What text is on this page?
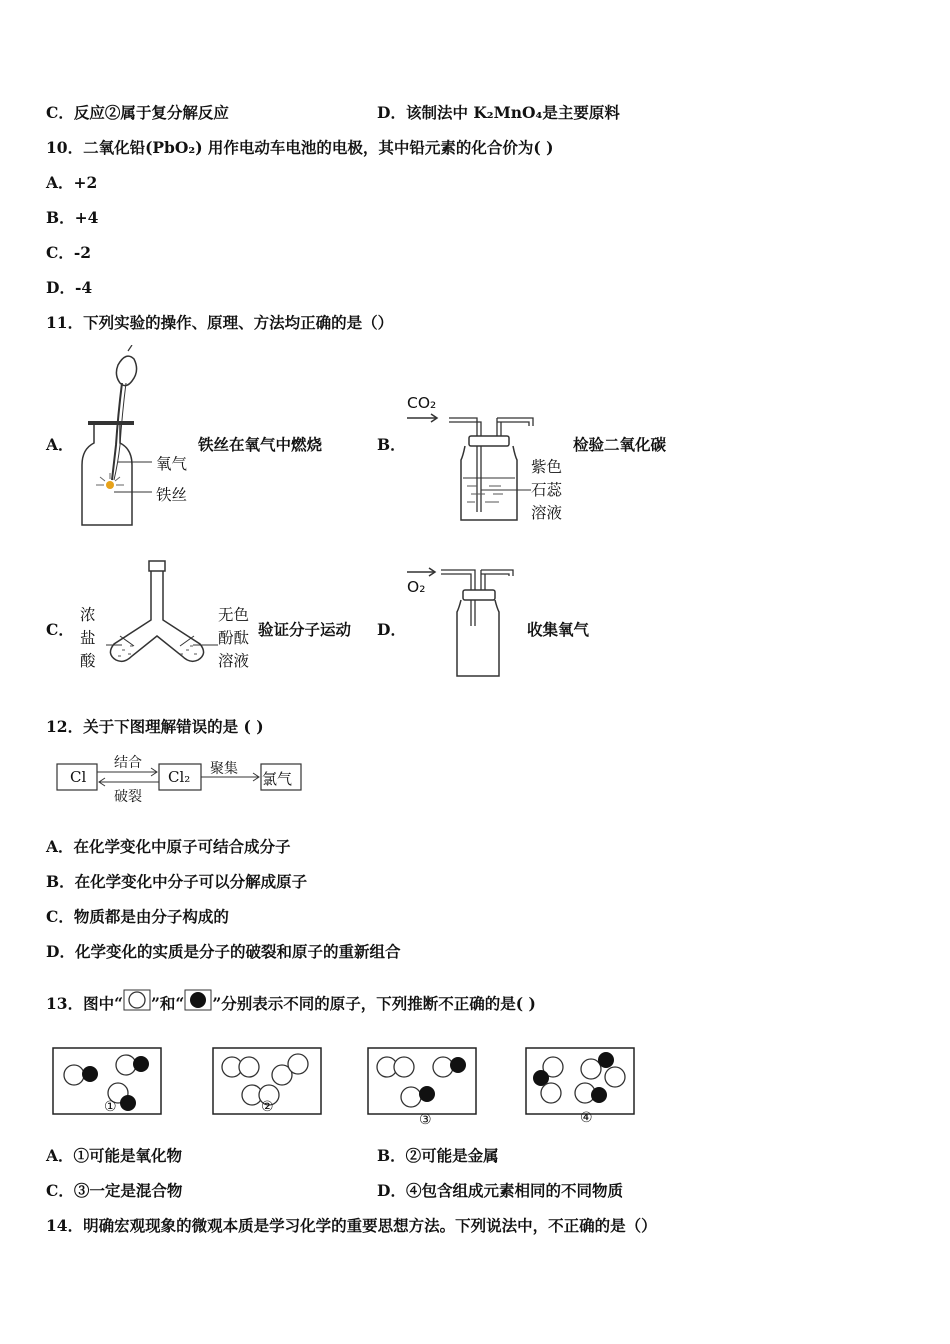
C．反应②属于复分解反应	D．该制法中 K₂MnO₄是主要原料
10．二氧化铅(PbO₂) 用作电动车电池的电极，其中铅元素的化合价为( )
A．+2
B．+4
C．-2
D．-4
11．下列实验的操作、原理、方法均正确的是（）
A．
氧气
铁丝
铁丝在氧气中燃烧	B．
CO₂
紫色
石蕊
溶液
检验二氧化碳
C．
浓
盐
酸
无色
酚酞
溶液
验证分子运动 D．
O₂
收集氧气
12．关于下图理解错误的是 ( )
Cl	Cl₂	氯气
结合
破裂
聚集
A．在化学变化中原子可结合成分子
B．在化学变化中分子可以分解成原子
C．物质都是由分子构成的
D．化学变化的实质是分子的破裂和原子的重新组合
13．图中“ ”和“ ”分别表示不同的原子，下列推断不正确的是( )
①	②
③	④
A．①可能是氧化物	B．②可能是金属
C．③一定是混合物	D．④包含组成元素相同的不同物质
14．明确宏观现象的微观本质是学习化学的重要思想方法。下列说法中，不正确的是（）
